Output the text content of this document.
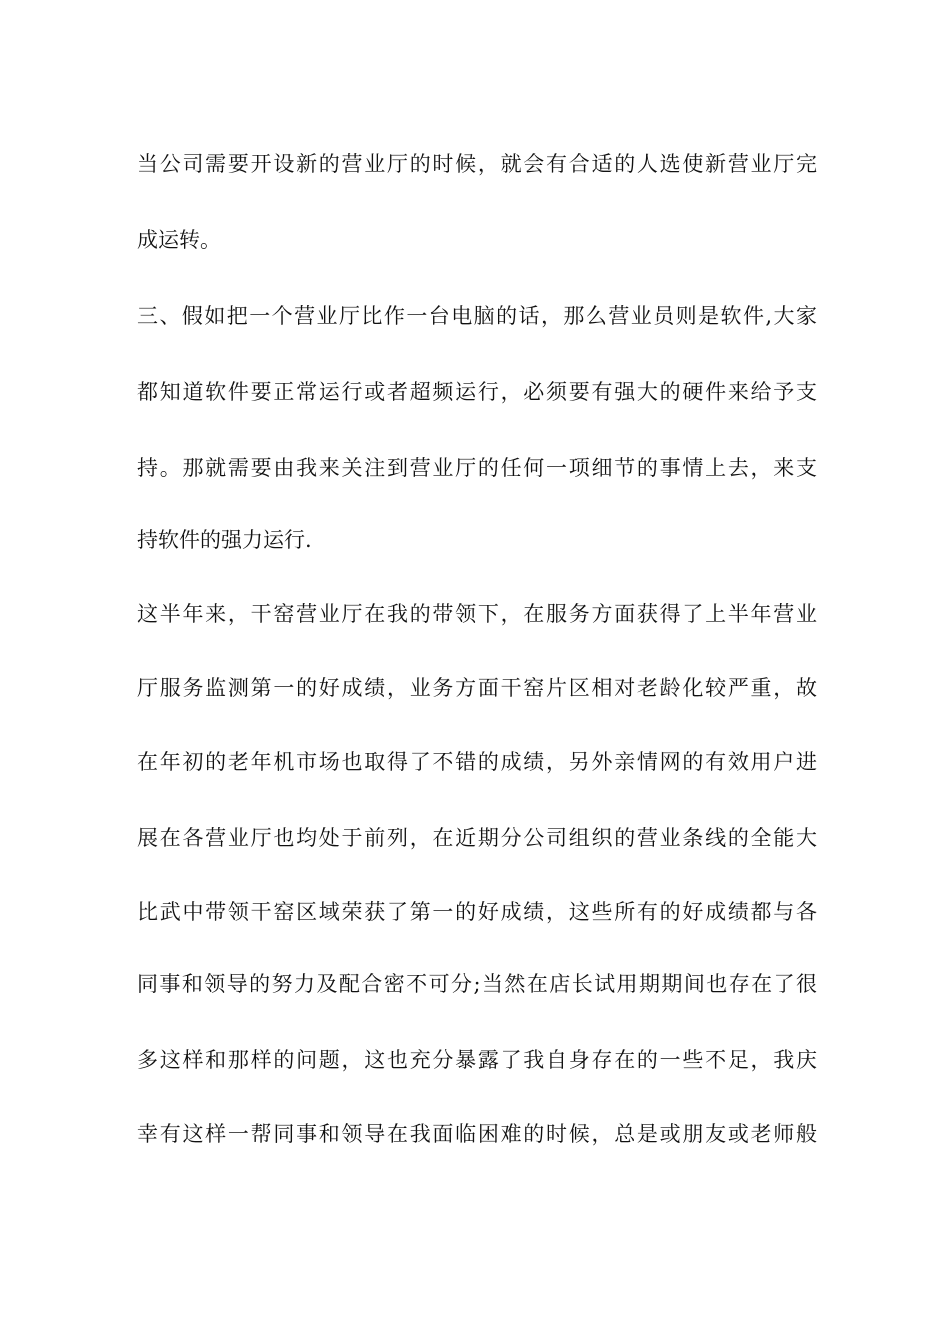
当公司需要开设新的营业厅的时候，就会有合适的人选使新营业厅完
成运转。
三、假如把一个营业厅比作一台电脑的话，那么营业员则是软件,大家
都知道软件要正常运行或者超频运行，必须要有强大的硬件来给予支
持。那就需要由我来关注到营业厅的任何一项细节的事情上去，来支
持软件的强力运行.
这半年来，干窑营业厅在我的带领下，在服务方面获得了上半年营业
厅服务监测第一的好成绩，业务方面干窑片区相对老龄化较严重，故
在年初的老年机市场也取得了不错的成绩，另外亲情网的有效用户进
展在各营业厅也均处于前列，在近期分公司组织的营业条线的全能大
比武中带领干窑区域荣获了第一的好成绩，这些所有的好成绩都与各
同事和领导的努力及配合密不可分;当然在店长试用期期间也存在了很
多这样和那样的问题，这也充分暴露了我自身存在的一些不足，我庆
幸有这样一帮同事和领导在我面临困难的时候，总是或朋友或老师般
